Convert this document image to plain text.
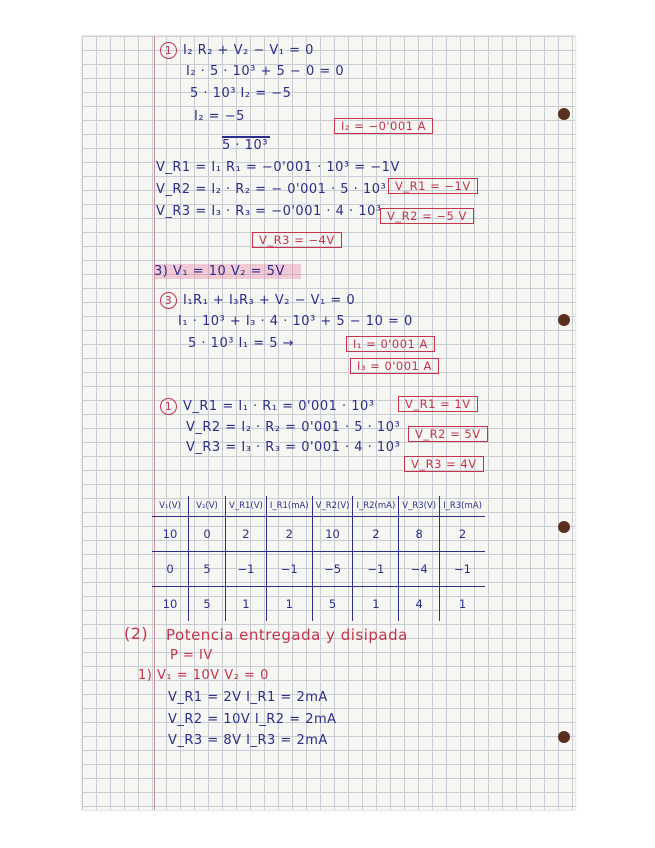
1 I₂ R₂ + V₂ − V₁ = 0
I₂ · 5 · 10³ + 5 − 0 = 0
5 · 10³ I₂ = −5
I₂ = −5
5 · 10³
I₂ = −0'001 A
V_R1 = I₁ R₁ = −0'001 · 10³ = −1V
V_R2 = I₂ · R₂ = − 0'001 · 5 · 10³
V_R3 = I₃ · R₃ = −0'001 · 4 · 10³
V_R1 = −1V
V_R2 = −5 V
V_R3 = −4V
3) V₁ = 10 V₂ = 5V
3 I₁R₁ + I₃R₃ + V₂ − V₁ = 0
I₁ · 10³ + I₃ · 4 · 10³ + 5 − 10 = 0
5 · 10³ I₁ = 5 →	I₁ = 0'001 A
I₃ = 0'001 A
1 V_R1 = I₁ · R₁ = 0'001 · 10³
V_R2 = I₂ · R₂ = 0'001 · 5 · 10³
V_R3 = I₃ · R₃ = 0'001 · 4 · 10³
V_R1 = 1V
V_R2 = 5V
V_R3 = 4V
V₁(V)	V₂(V)	V_R1(V)	I_R1(mA)	V_R2(V)	I_R2(mA)	V_R3(V)	I_R3(mA)
10	0	2	2	10	2	8	2
0	5	−1	−1	−5	−1	−4	−1
10	5	1	1	5	1	4	1
(2) Potencia entregada y disipada
P = IV
1) V₁ = 10V V₂ = 0
V_R1 = 2V I_R1 = 2mA
V_R2 = 10V I_R2 = 2mA
V_R3 = 8V I_R3 = 2mA
